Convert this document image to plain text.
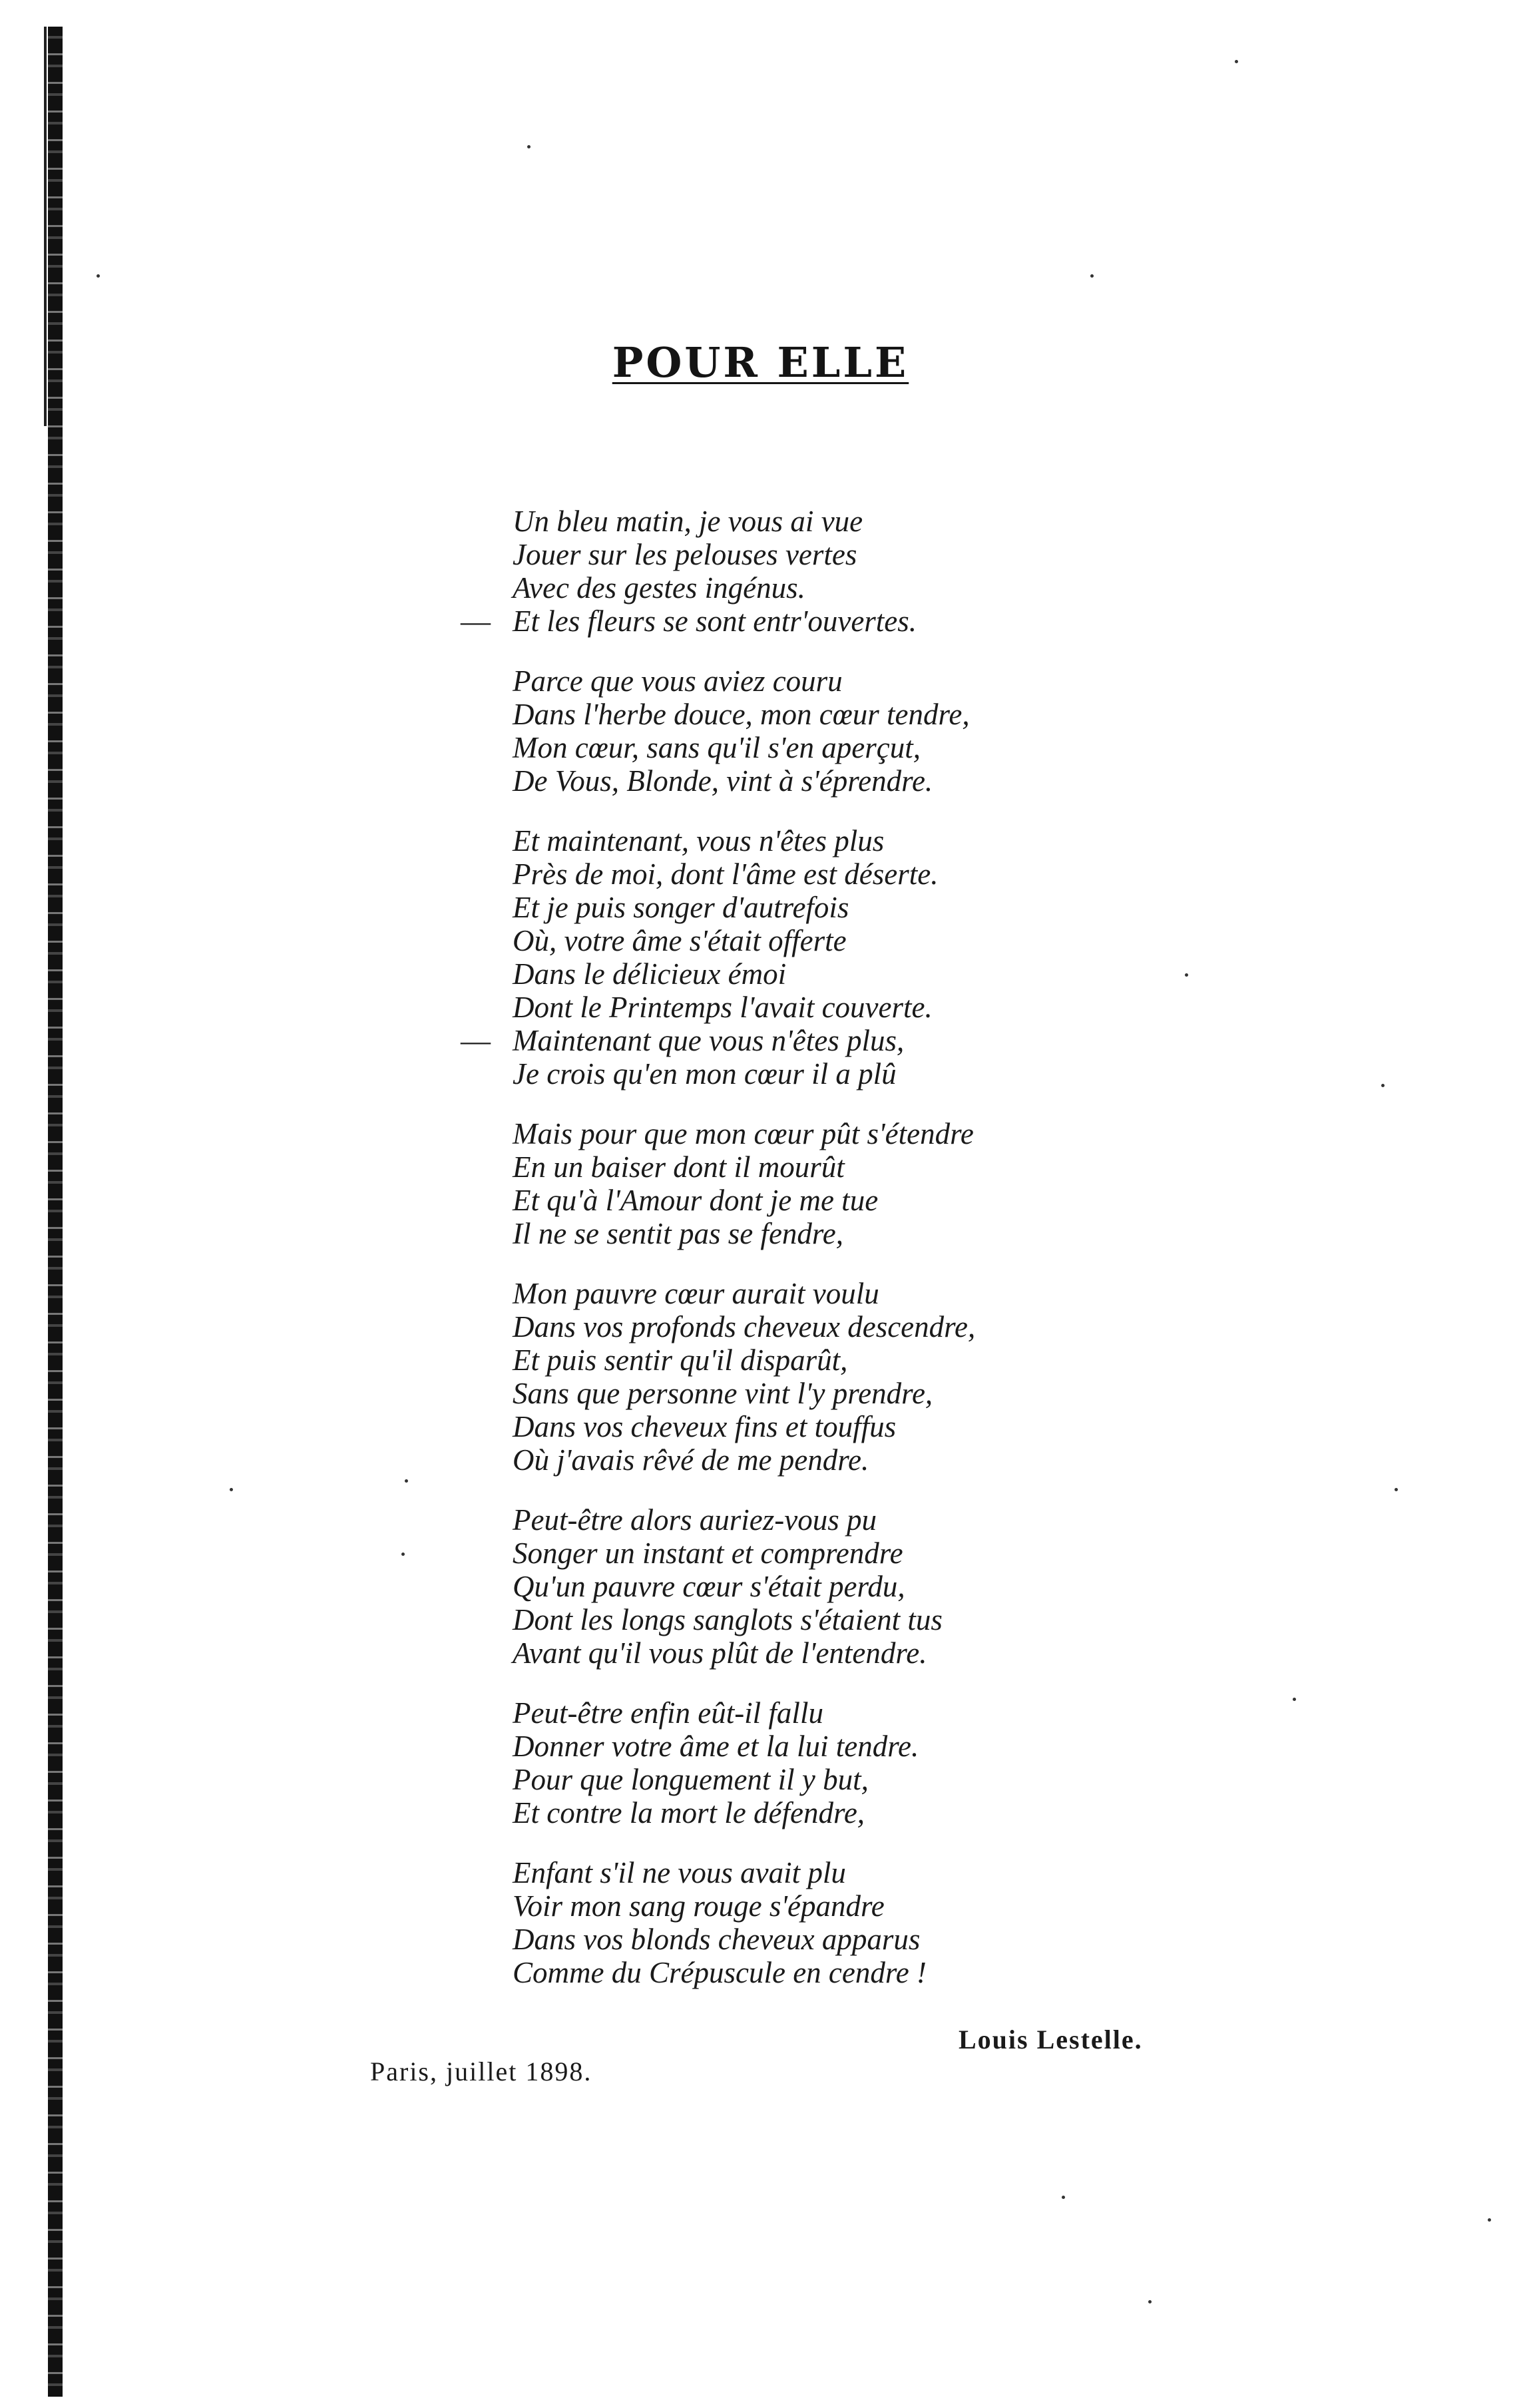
POUR ELLE
Un bleu matin, je vous ai vue
Jouer sur les pelouses vertes
Avec des gestes ingénus.
— Et les fleurs se sont entr'ouvertes.
Parce que vous aviez couru
Dans l'herbe douce, mon cœur tendre,
Mon cœur, sans qu'il s'en aperçut,
De Vous, Blonde, vint à s'éprendre.
Et maintenant, vous n'êtes plus
Près de moi, dont l'âme est déserte.
Et je puis songer d'autrefois
Où, votre âme s'était offerte
Dans le délicieux émoi
Dont le Printemps l'avait couverte.
— Maintenant que vous n'êtes plus,
Je crois qu'en mon cœur il a plû
Mais pour que mon cœur pût s'étendre
En un baiser dont il mourût
Et qu'à l'Amour dont je me tue
Il ne se sentit pas se fendre,
Mon pauvre cœur aurait voulu
Dans vos profonds cheveux descendre,
Et puis sentir qu'il disparût,
Sans que personne vint l'y prendre,
Dans vos cheveux fins et touffus
Où j'avais rêvé de me pendre.
Peut-être alors auriez-vous pu
Songer un instant et comprendre
Qu'un pauvre cœur s'était perdu,
Dont les longs sanglots s'étaient tus
Avant qu'il vous plût de l'entendre.
Peut-être enfin eût-il fallu
Donner votre âme et la lui tendre.
Pour que longuement il y but,
Et contre la mort le défendre,
Enfant s'il ne vous avait plu
Voir mon sang rouge s'épandre
Dans vos blonds cheveux apparus
Comme du Crépuscule en cendre !
Louis Lestelle.
Paris, juillet 1898.
